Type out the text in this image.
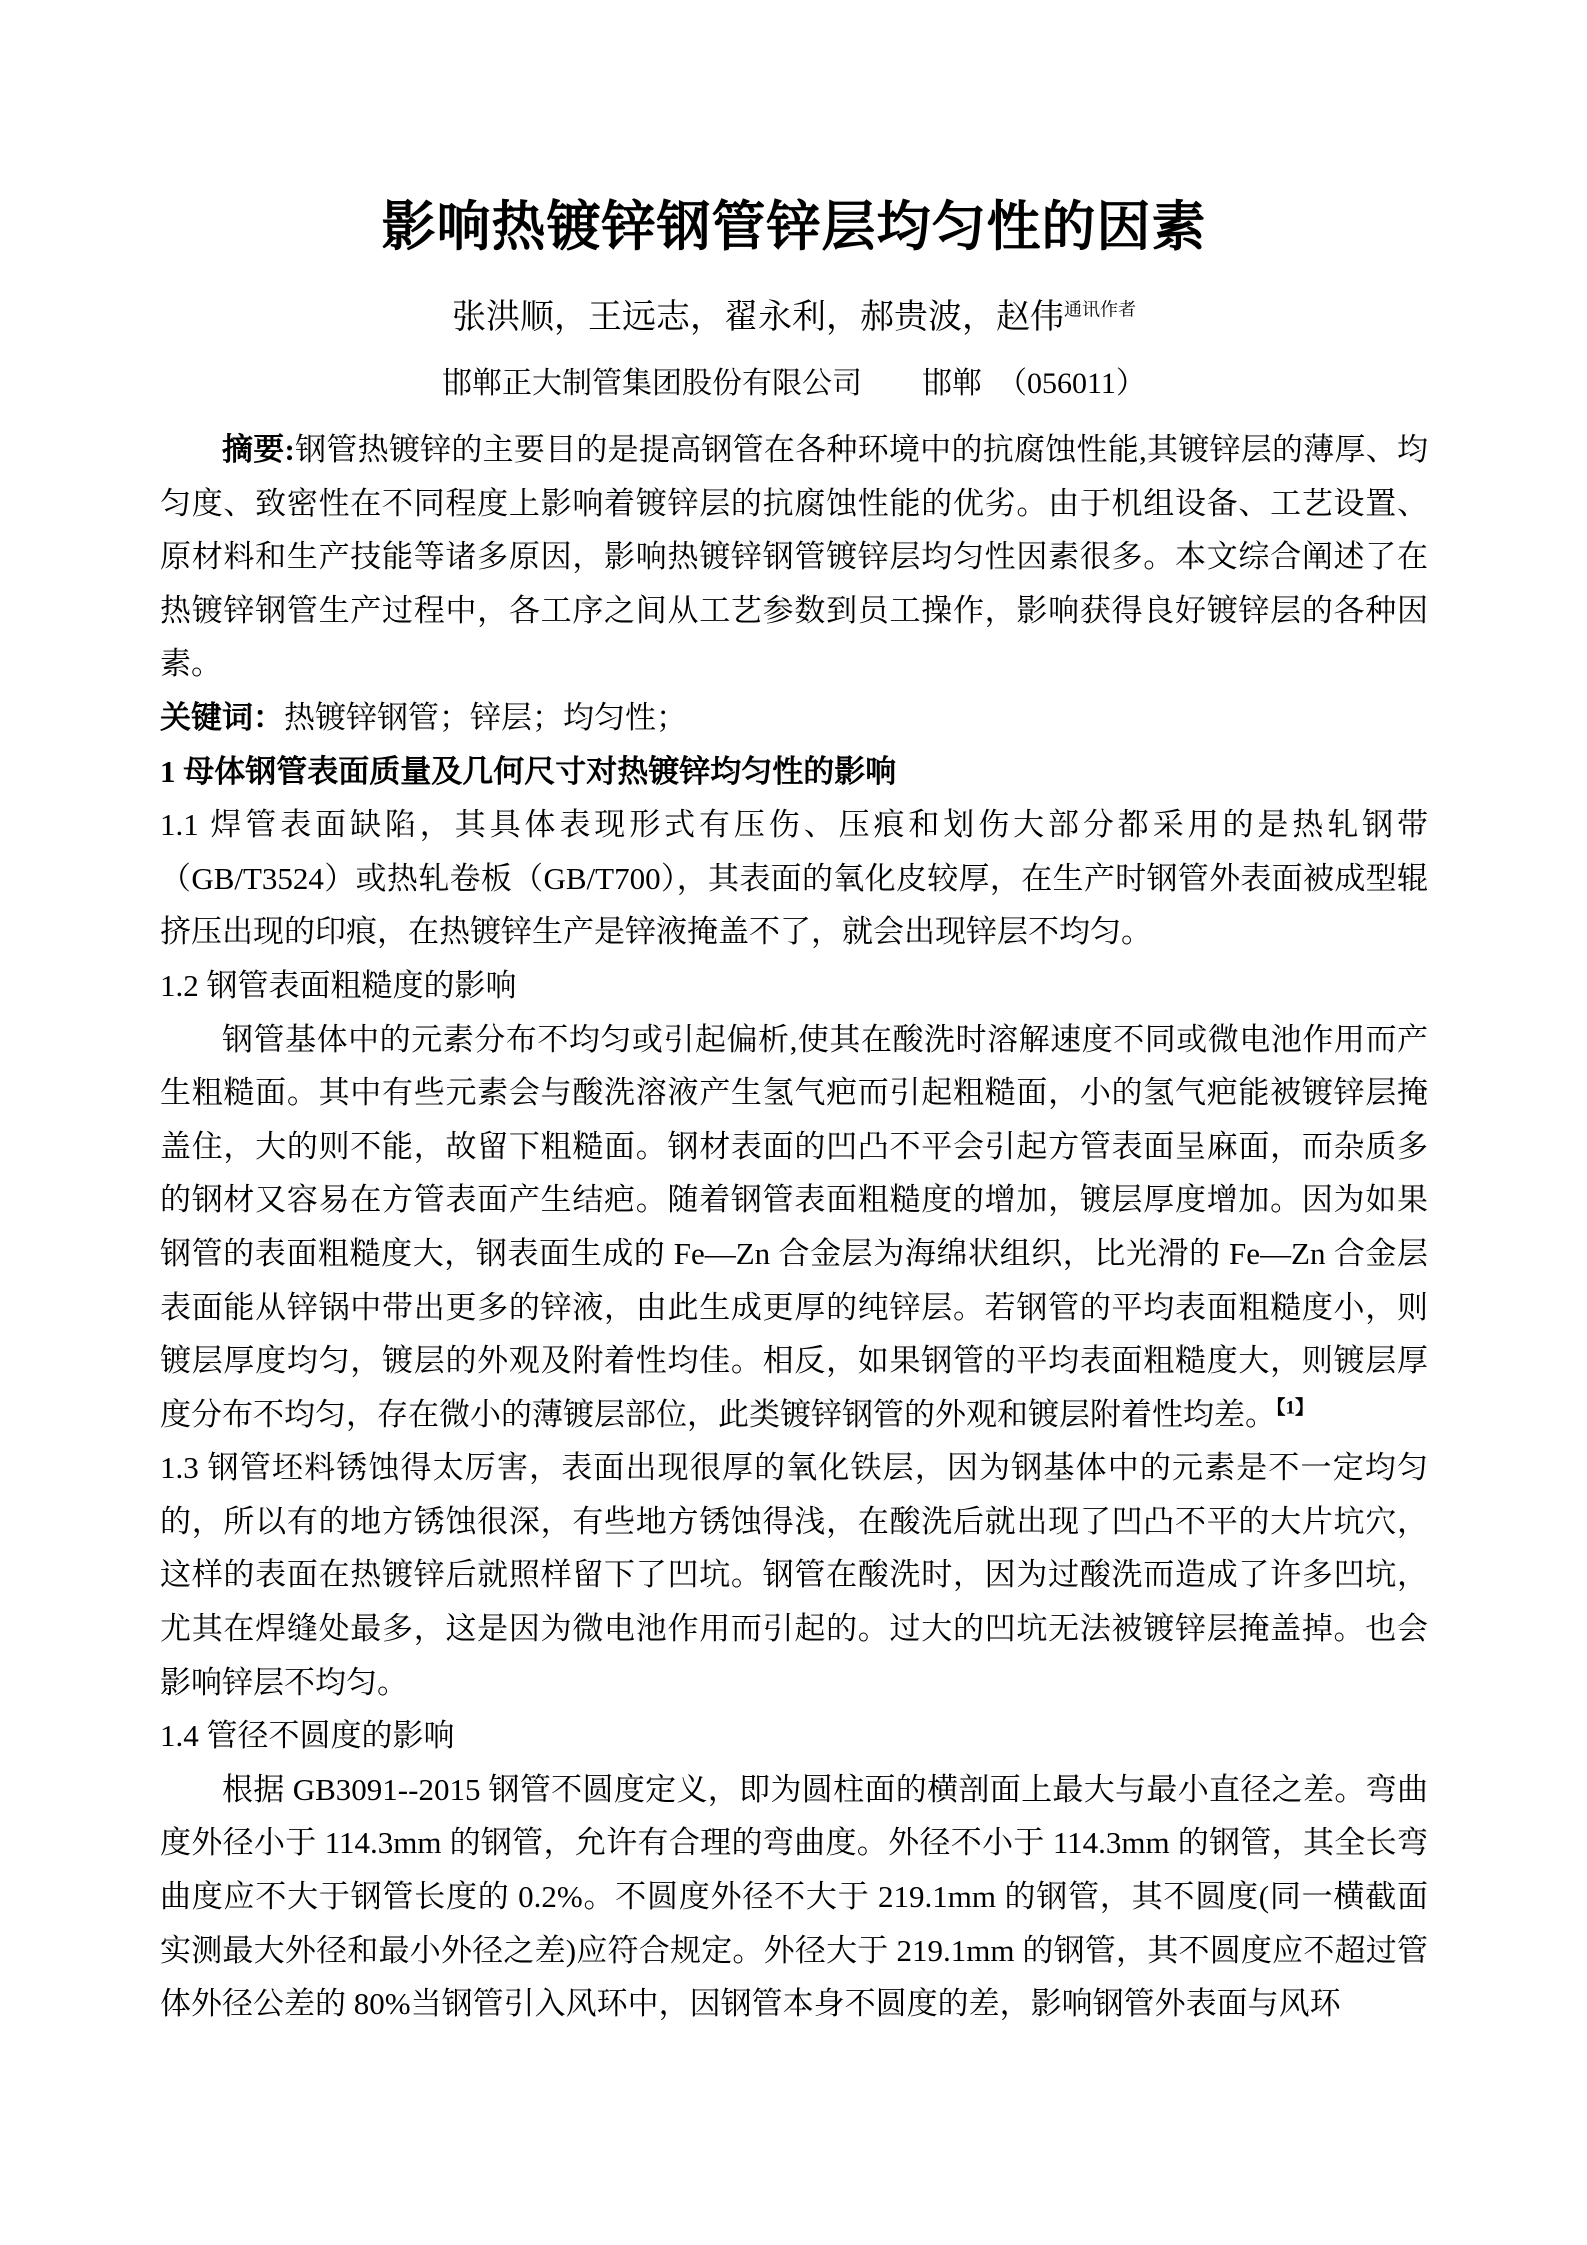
影响热镀锌钢管锌层均匀性的因素
张洪顺，王远志，翟永利，郝贵波，赵伟$^{通讯作者}$
邯郸正大制管集团股份有限公司　　邯郸　（056011）

摘要:钢管热镀锌的主要目的是提高钢管在各种环境中的抗腐蚀性能,其镀锌层的薄厚、均匀度、致密性在不同程度上影响着镀锌层的抗腐蚀性能的优劣。由于机组设备、工艺设置、原材料和生产技能等诸多原因，影响热镀锌钢管镀锌层均匀性因素很多。本文综合阐述了在热镀锌钢管生产过程中，各工序之间从工艺参数到员工操作，影响获得良好镀锌层的各种因素。

关键词：热镀锌钢管；锌层；均匀性；

1 母体钢管表面质量及几何尺寸对热镀锌均匀性的影响

1.1 焊管表面缺陷，其具体表现形式有压伤、压痕和划伤大部分都采用的是热轧钢带（GB/T3524）或热轧卷板（GB/T700），其表面的氧化皮较厚，在生产时钢管外表面被成型辊挤压出现的印痕，在热镀锌生产是锌液掩盖不了，就会出现锌层不均匀。

1.2 钢管表面粗糙度的影响

钢管基体中的元素分布不均匀或引起偏析,使其在酸洗时溶解速度不同或微电池作用而产生粗糙面。其中有些元素会与酸洗溶液产生氢气疤而引起粗糙面，小的氢气疤能被镀锌层掩盖住，大的则不能，故留下粗糙面。钢材表面的凹凸不平会引起方管表面呈麻面，而杂质多的钢材又容易在方管表面产生结疤。随着钢管表面粗糙度的增加，镀层厚度增加。因为如果钢管的表面粗糙度大，钢表面生成的 Fe—Zn 合金层为海绵状组织，比光滑的 Fe—Zn 合金层表面能从锌锅中带出更多的锌液，由此生成更厚的纯锌层。若钢管的平均表面粗糙度小，则镀层厚度均匀，镀层的外观及附着性均佳。相反，如果钢管的平均表面粗糙度大，则镀层厚度分布不均匀，存在微小的薄镀层部位，此类镀锌钢管的外观和镀层附着性均差。$^{【1】}$

1.3 钢管坯料锈蚀得太厉害，表面出现很厚的氧化铁层，因为钢基体中的元素是不一定均匀的，所以有的地方锈蚀很深，有些地方锈蚀得浅，在酸洗后就出现了凹凸不平的大片坑穴，这样的表面在热镀锌后就照样留下了凹坑。钢管在酸洗时，因为过酸洗而造成了许多凹坑，尤其在焊缝处最多，这是因为微电池作用而引起的。过大的凹坑无法被镀锌层掩盖掉。也会影响锌层不均匀。

1.4 管径不圆度的影响

根据 GB3091--2015 钢管不圆度定义，即为圆柱面的横剖面上最大与最小直径之差。弯曲度外径小于 114.3mm 的钢管，允许有合理的弯曲度。外径不小于 114.3mm 的钢管，其全长弯曲度应不大于钢管长度的 0.2%。不圆度外径不大于 219.1mm 的钢管，其不圆度(同一横截面实测最大外径和最小外径之差)应符合规定。外径大于 219.1mm 的钢管，其不圆度应不超过管体外径公差的 80%当钢管引入风环中，因钢管本身不圆度的差，影响钢管外表面与风环
